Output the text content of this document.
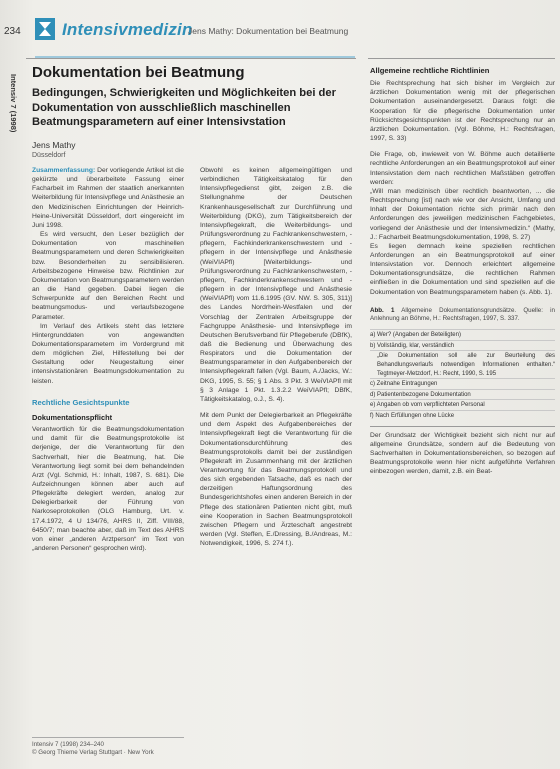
234 Intensivmedizin
Jens Mathy: Dokumentation bei Beatmung
Intensiv 7 (1998)
Dokumentation bei Beatmung
Bedingungen, Schwierigkeiten und Möglichkeiten bei der Dokumentation von ausschließlich maschinellen Beatmungsparametern auf einer Intensivstation
Jens Mathy
Düsseldorf

Zusammenfassung: Der vorliegende Artikel ist die gekürzte und überarbeitete Fassung einer Facharbeit im Rahmen der staatlich anerkannten Weiterbildung für Intensivpflege und Anästhesie an den Medizinischen Einrichtungen der Heinrich-Heine-Universität Düsseldorf, dort eingereicht im Juni 1998.

Es wird versucht, den Leser bezüglich der Dokumentation von maschinellen Beatmungsparametern und deren Schwierigkeiten bzw. Besonderheiten zu sensibilisieren. Arbeitsbezogene Hinweise bzw. Richtlinien zur Dokumentation von Beatmungsparametern werden an die Hand gegeben. Dabei liegen die Schwerpunkte auf den Bereichen Recht und beatmungsmodus- und verlaufsbezogene Parameter.

Im Verlauf des Artikels steht das letztere Hintergrunddaten von angewandten Dokumentationsparametern im Vordergrund mit dem möglichen Ziel, Hilfestellung bei der Gestaltung oder Neugestaltung einer intensivstationären Beatmungsdokumentation zu leisten.

Rechtliche Gesichtspunkte
Dokumentationspflicht

Verantwortlich für die Beatmungsdokumentation und damit für die Beatmungsprotokolle ist derjenige, der die Verantwortung für den Sachverhalt, hier die Beatmung, hat. Die Verantwortung liegt somit bei dem behandelnden Arzt (Vgl. Schmid, H.: Inhalt, 1987, S. 681). Die Aufzeichnungen können aber auch auf Pflegekräfte delegiert werden, analog zur Delegierbarkeit der Führung von Narkoseprotokollen (OLG Hamburg, Urt. v. 17.4.1972, 4 U 134/76, AHRS II, Ziff. VIII/88, 6450/7; man beachte aber, daß im Text des AHRS von einer „anderen Arztperson“ im Text von „anderen Personen“ gesprochen wird).

Obwohl es keinen allgemeingültigen und verbindlichen Tätigkeitskatalog für den Intensivpflegedienst gibt, zeigen z.B. die Stellungnahme der Deutschen Krankenhausgesellschaft zur Durchführung und Weiterbildung (DKG), zum Tätigkeitsbereich der Intensivpflegekraft, die Weiterbildungs- und Prüfungsverordnung zu Fachkrankenschwestern, -pflegern, Fachkinderkrankenschwestern und -pflegern in der Intensivpflege und Anästhesie (WeiVIAPfl) [Weiterbildungs- und Prüfungsverordnung zu Fachkrankenschwestern, -pflegern, Fachkinderkrankenschwestern und -pflegern in der Intensivpflege und Anästhesie (WeiVIAPfl) vom 11.6.1995 (GV. NW. S. 305, 311)] des Landes Nordrhein-Westfalen und der Vorschlag der Zentralen Arbeitsgruppe der Fachgruppe Anästhesie- und Intensivpflege im Deutschen Berufsverband für Pflegeberufe (DBfK), daß die Bedienung und Überwachung des Respirators und die Dokumentation der Beatmungsparameter in den Aufgabenbereich der Intensivpflegekraft fallen (Vgl. Baum, A./Jacks, W.: DKG, 1995, S. 55; § 1 Abs. 3 Pkt. 3 WeiVIAPfl mit § 3 Anlage 1 Pkt. 1.3.2.2 WeiVIAPfl; DBfK, Tätigkeitskatalog, o.J., S. 4).

Mit dem Punkt der Delegierbarkeit an Pflegekräfte und dem Aspekt des Aufgabenbereiches der Intensivpflegekraft liegt die Verantwortung für die Dokumentationsdurchführung des Beatmungsprotokolls damit bei der zuständigen Pflegekraft im Zusammenhang mit der ärztlichen Verantwortung für das Beatmungsprotokoll und des sich ergebenden Tatsache, daß es nach der derzeitigen Haftungsordnung des Bundesgerichtshofes einen anderen Bereich in der Pflege des stationären Patienten nicht gibt, muß eine Kooperation in Sachen Beatmungsprotokoll zwischen Pflegern und Ärzteschaft angestrebt werden (Vgl. Steffen, E./Dressing, B./Andreas, M.: Notwendigkeit, 1996, S. 274 f.).

Allgemeine rechtliche Richtlinien

Die Rechtsprechung hat sich bisher im Vergleich zur ärztlichen Dokumentation wenig mit der pflegerischen Dokumentation auseinandergesetzt. Daraus folgt: die Kooperation für die pflegerische Dokumentation unter Rücksichtsgesichtspunkten ist der Rechtsprechung nur an ärztlichen Dokumentation. (Vgl. Böhme, H.: Rechtsfragen, 1997, S. 33)

Die Frage, ob, inwieweit von W. Böhme auch detaillierte rechtliche Anforderungen an ein Beatmungsprotokoll auf einer Intensivstation dem nach rechtlichen Maßstäben getroffen werden:

„Will man medizinisch über rechtlich beantworten, ... die Rechtsprechung [ist] nach wie vor der Ansicht, Umfang und Inhalt der Dokumentation richte sich primär nach den Anforderungen des jeweiligen medizinischen Fachgebietes, vorliegend der Anästhesie und der Intensivmedizin.“ (Mathy, J.: Facharbeit Beatmungsdokumentation, 1998, S. 27)

Es liegen demnach keine speziellen rechtlichen Anforderungen an ein Beatmungsprotokoll auf einer Intensivstation vor. Dennoch erleichtert allgemeine Dokumentationsgrundsätze, die rechtlichen Rahmen einfließen in die Dokumentation und sind speziellen auf die Dokumentation von Beatmungsparametern haben (s. Abb. 1).

Abb. 1 Allgemeine Dokumentationsgrundsätze. Quelle: in Anlehnung an Böhme, H.: Rechtsfragen, 1997, S. 337.
a) Wer? (Angaben der Beteiligten)
b) Vollständig, klar, verständlich
„Die Dokumentation soll alle zur Beurteilung des Behandlungsverlaufs notwendigen Informationen enthalten.“ Tegtmeyer-Metzdorf, H.: Recht, 1990, S. 195
c) Zeitnahe Eintragungen
d) Patientenbezogene Dokumentation
e) Angaben ob vom verpflichteten Personal
f) Nach Erfüllungen ohne Lücke

Der Grundsatz der Wichtigkeit bezieht sich nicht nur auf allgemeine Grundsätze, sondern auf die Bedeutung von Sachverhalten in Dokumentationsbereichen, so bezogen auf Beatmungsprotokolle wenn hier nicht aufgeführte Verfahren einbezogen werden, damit, z.B. ein Beat-

Intensiv 7 (1998) 234–240
© Georg Thieme Verlag Stuttgart · New York
